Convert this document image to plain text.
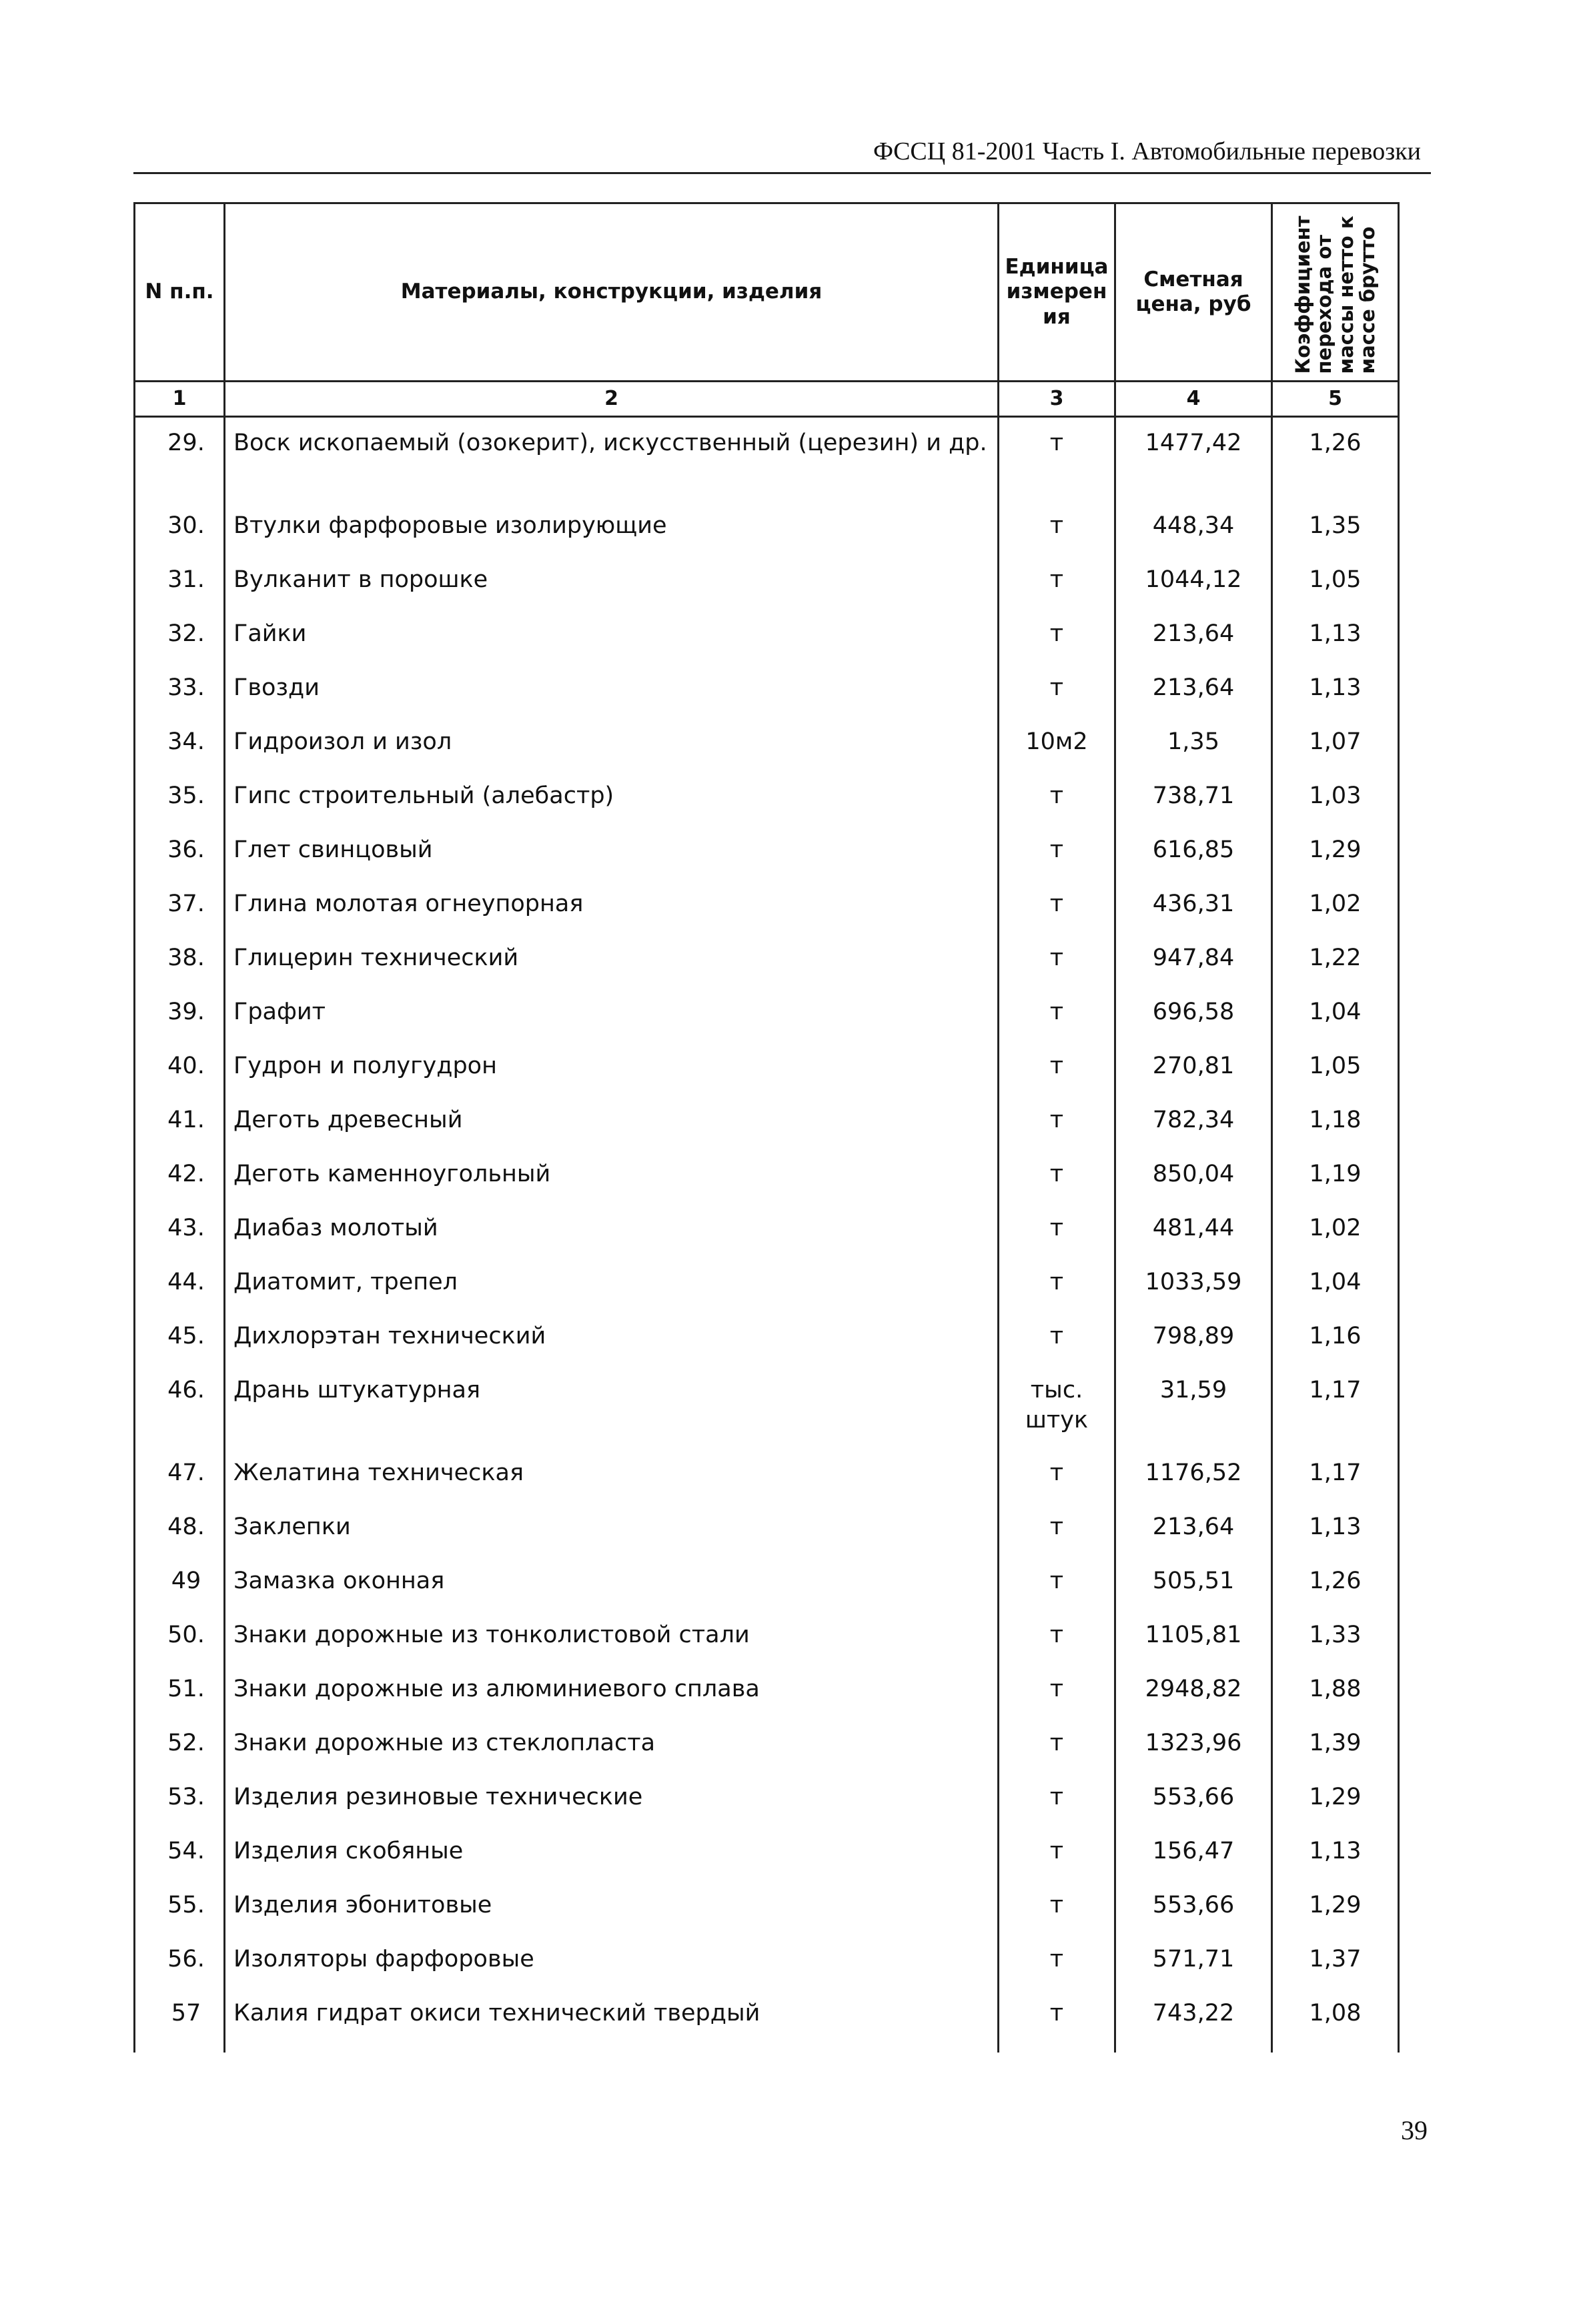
ФССЦ 81-2001 Часть I. Автомобильные перевозки
N п.п.	Материалы, конструкции, изделия	Единица измерен ия	Сметная цена, руб	Коэффициент перехода от массы нетто к массе брутто

1	2	3	4	5

29.	Воск ископаемый (озокерит), искусственный (церезин) и др.	т	1477,42	1,26
30.	Втулки фарфоровые изолирующие	т	448,34	1,35
31.	Вулканит в порошке	т	1044,12	1,05
32.	Гайки	т	213,64	1,13
33.	Гвозди	т	213,64	1,13
34.	Гидроизол и изол	10м2	1,35	1,07
35.	Гипс строительный (алебастр)	т	738,71	1,03
36.	Глет свинцовый	т	616,85	1,29
37.	Глина молотая огнеупорная	т	436,31	1,02
38.	Глицерин технический	т	947,84	1,22
39.	Графит	т	696,58	1,04
40.	Гудрон и полугудрон	т	270,81	1,05
41.	Деготь древесный	т	782,34	1,18
42.	Деготь каменноугольный	т	850,04	1,19
43.	Диабаз молотый	т	481,44	1,02
44.	Диатомит, трепел	т	1033,59	1,04
45.	Дихлорэтан технический	т	798,89	1,16
46.	Дрань штукатурная	тыс. штук	31,59	1,17
47.	Желатина техническая	т	1176,52	1,17
48.	Заклепки	т	213,64	1,13
49	Замазка оконная	т	505,51	1,26
50.	Знаки дорожные из тонколистовой стали	т	1105,81	1,33
51.	Знаки дорожные из алюминиевого сплава	т	2948,82	1,88
52.	Знаки дорожные из стеклопласта	т	1323,96	1,39
53.	Изделия резиновые технические	т	553,66	1,29
54.	Изделия скобяные	т	156,47	1,13
55.	Изделия эбонитовые	т	553,66	1,29
56.	Изоляторы фарфоровые	т	571,71	1,37
57	Калия гидрат окиси технический твердый	т	743,22	1,08
39
